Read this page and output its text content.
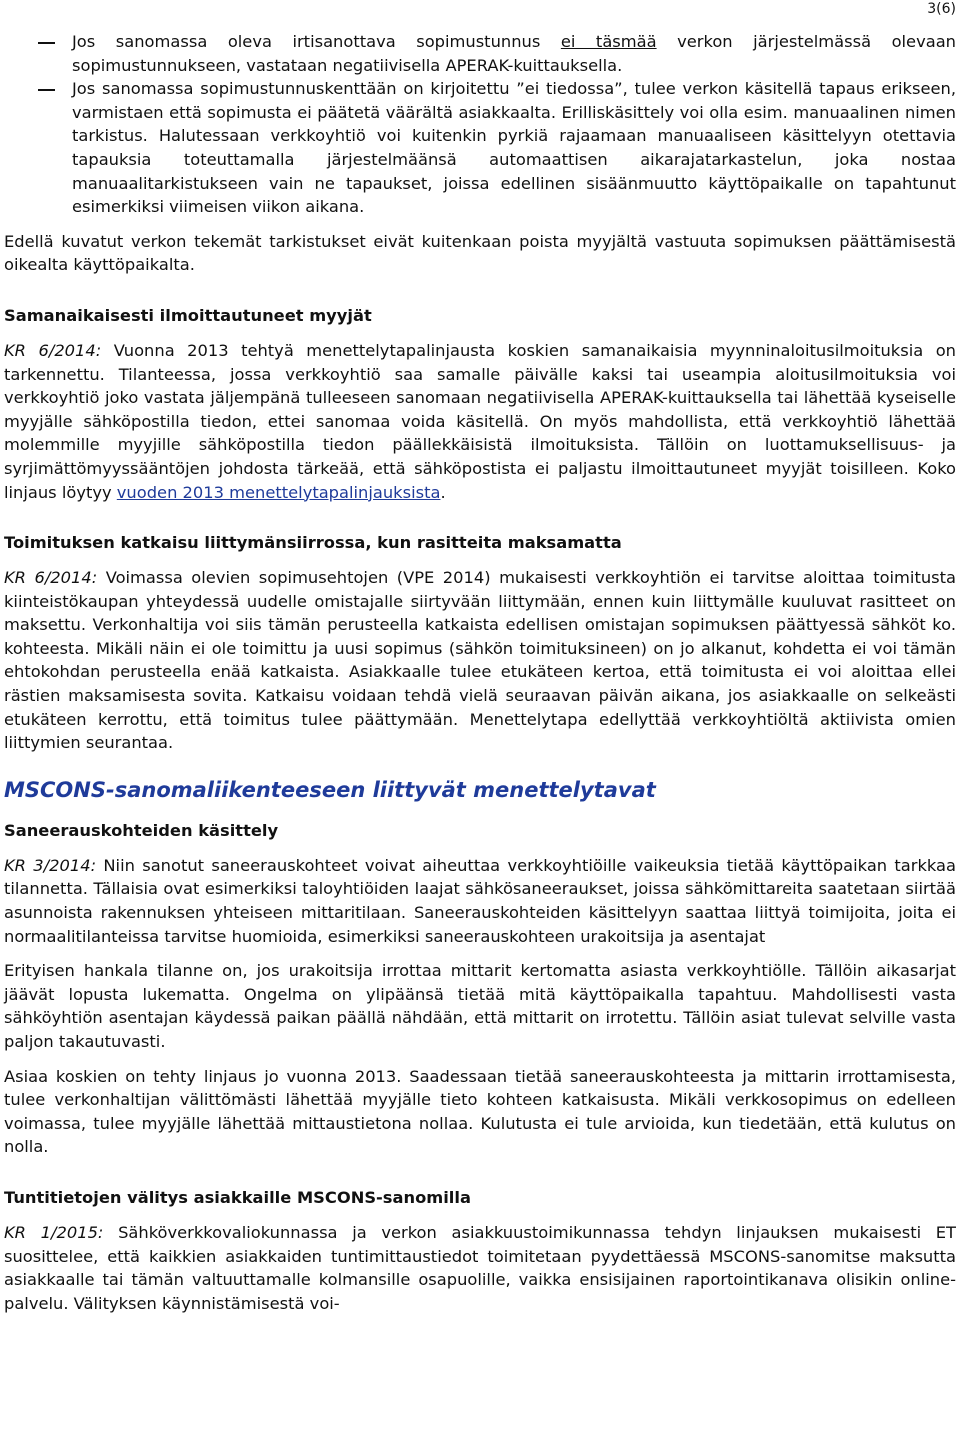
3(6)
Jos sanomassa oleva irtisanottava sopimustunnus ei täsmää verkon järjestelmässä olevaan sopimustunnukseen, vastataan negatiivisella APERAK-kuittauksella.
Jos sanomassa sopimustunnuskenttään on kirjoitettu ”ei tiedossa”, tulee verkon käsitellä tapaus erikseen, varmistaen että sopimusta ei päätetä väärältä asiakkaalta. Erilliskäsittely voi olla esim. manuaalinen nimen tarkistus. Halutessaan verkkoyhtiö voi kuitenkin pyrkiä rajaamaan manuaaliseen käsittelyyn otettavia tapauksia toteuttamalla järjestelmäänsä automaattisen aikarajatarkastelun, joka nostaa manuaalitarkistukseen vain ne tapaukset, joissa edellinen sisäänmuutto käyttöpaikalle on tapahtunut esimerkiksi viimeisen viikon aikana.

Edellä kuvatut verkon tekemät tarkistukset eivät kuitenkaan poista myyjältä vastuuta sopimuksen päättämisestä oikealta käyttöpaikalta.

Samanaikaisesti ilmoittautuneet myyjät

KR 6/2014: Vuonna 2013 tehtyä menettelytapalinjausta koskien samanaikaisia myynninaloitusilmoituksia on tarkennettu. Tilanteessa, jossa verkkoyhtiö saa samalle päivälle kaksi tai useampia aloitusilmoituksia voi verkkoyhtiö joko vastata jäljempänä tulleeseen sanomaan negatiivisella APERAK-kuittauksella tai lähettää kyseiselle myyjälle sähköpostilla tiedon, ettei sanomaa voida käsitellä. On myös mahdollista, että verkkoyhtiö lähettää molemmille myyjille sähköpostilla tiedon päällekkäisistä ilmoituksista. Tällöin on luottamuksellisuus- ja syrjimättömyyssääntöjen johdosta tärkeää, että sähköpostista ei paljastu ilmoittautuneet myyjät toisilleen. Koko linjaus löytyy vuoden 2013 menettelytapalinjauksista.

Toimituksen katkaisu liittymänsiirrossa, kun rasitteita maksamatta

KR 6/2014: Voimassa olevien sopimusehtojen (VPE 2014) mukaisesti verkkoyhtiön ei tarvitse aloittaa toimitusta kiinteistökaupan yhteydessä uudelle omistajalle siirtyvään liittymään, ennen kuin liittymälle kuuluvat rasitteet on maksettu. Verkonhaltija voi siis tämän perusteella katkaista edellisen omistajan sopimuksen päättyessä sähköt ko. kohteesta. Mikäli näin ei ole toimittu ja uusi sopimus (sähkön toimituksineen) on jo alkanut, kohdetta ei voi tämän ehtokohdan perusteella enää katkaista. Asiakkaalle tulee etukäteen kertoa, että toimitusta ei voi aloittaa ellei rästien maksamisesta sovita. Katkaisu voidaan tehdä vielä seuraavan päivän aikana, jos asiakkaalle on selkeästi etukäteen kerrottu, että toimitus tulee päättymään. Menettelytapa edellyttää verkkoyhtiöltä aktiivista omien liittymien seurantaa.

MSCONS-sanomaliikenteeseen liittyvät menettelytavat
Saneerauskohteiden käsittely

KR 3/2014: Niin sanotut saneerauskohteet voivat aiheuttaa verkkoyhtiöille vaikeuksia tietää käyttöpaikan tarkkaa tilannetta. Tällaisia ovat esimerkiksi taloyhtiöiden laajat sähkösaneeraukset, joissa sähkömittareita saatetaan siirtää asunnoista rakennuksen yhteiseen mittaritilaan. Saneerauskohteiden käsittelyyn saattaa liittyä toimijoita, joita ei normaalitilanteissa tarvitse huomioida, esimerkiksi saneerauskohteen urakoitsija ja asentajat

Erityisen hankala tilanne on, jos urakoitsija irrottaa mittarit kertomatta asiasta verkkoyhtiölle. Tällöin aikasarjat jäävät lopusta lukematta. Ongelma on ylipäänsä tietää mitä käyttöpaikalla tapahtuu. Mahdollisesti vasta sähköyhtiön asentajan käydessä paikan päällä nähdään, että mittarit on irrotettu. Tällöin asiat tulevat selville vasta paljon takautuvasti.

Asiaa koskien on tehty linjaus jo vuonna 2013. Saadessaan tietää saneerauskohteesta ja mittarin irrottamisesta, tulee verkonhaltijan välittömästi lähettää myyjälle tieto kohteen katkaisusta. Mikäli verkkosopimus on edelleen voimassa, tulee myyjälle lähettää mittaustietona nollaa. Kulutusta ei tule arvioida, kun tiedetään, että kulutus on nolla.

Tuntitietojen välitys asiakkaille MSCONS-sanomilla

KR 1/2015: Sähköverkkovaliokunnassa ja verkon asiakkuustoimikunnassa tehdyn linjauksen mukaisesti ET suosittelee, että kaikkien asiakkaiden tuntimittaustiedot toimitetaan pyydettäessä MSCONS-sanomitse maksutta asiakkaalle tai tämän valtuuttamalle kolmansille osapuolille, vaikka ensisijainen raportointikanava olisikin online-palvelu. Välityksen käynnistämisestä voi-
